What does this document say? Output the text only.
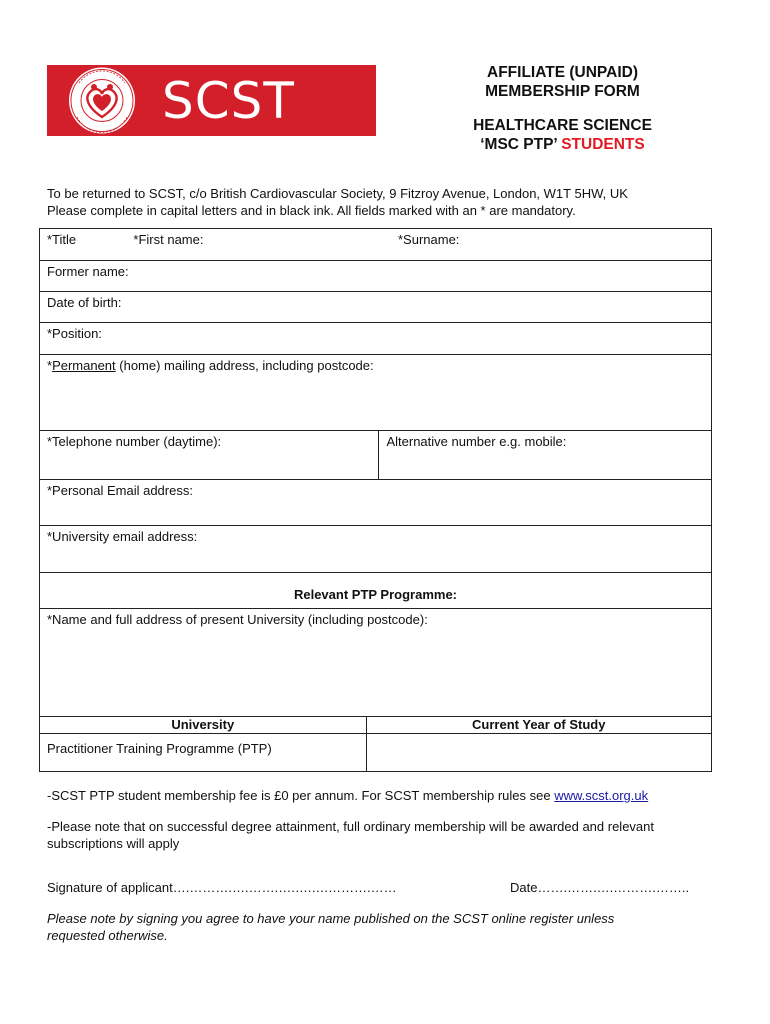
SCST	AFFILIATE (UNPAID)
MEMBERSHIP FORM
HEALTHCARE SCIENCE
‘MSC PTP’ STUDENTS
To be returned to SCST, c/o British Cardiovascular Society, 9 Fitzroy Avenue, London, W1T 5HW, UK
Please complete in capital letters and in black ink. All fields marked with an * are mandatory.
*Title	*First name:	*Surname:	
Former name:			
Date of birth:			
*Position:			
*Permanent (home) mailing address, including postcode:			
*Telephone number (daytime):			Alternative number e.g. mobile:
*Personal Email address:			
*University email address:			
Relevant PTP Programme:			
*Name and full address of present University (including postcode):			
University		Current Year of Study	
Practitioner Training Programme (PTP)			
-SCST PTP student membership fee is £0 per annum. For SCST membership rules see www.scst.org.uk
-Please note that on successful degree attainment, full ordinary membership will be awarded and relevant
subscriptions will apply
Signature of applicant….……….….…….….….….……….……	Date…….…….….……….……..
Please note by signing you agree to have your name published on the SCST online register unless
requested otherwise.
